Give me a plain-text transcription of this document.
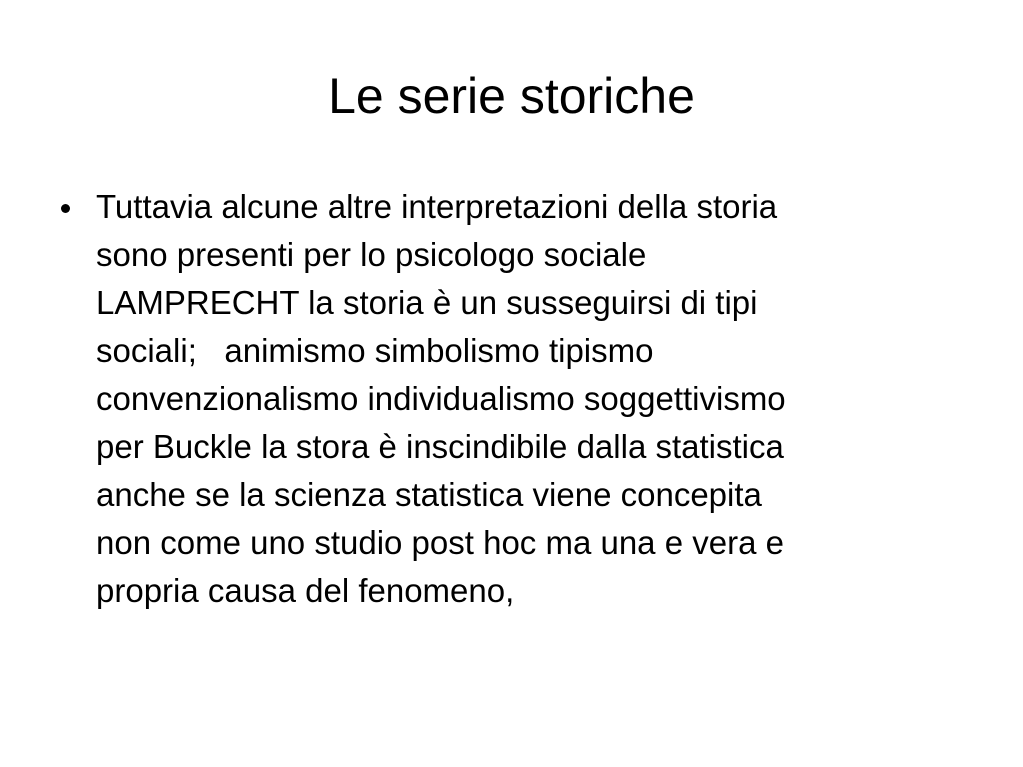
Le serie storiche
Tuttavia alcune altre interpretazioni della storia
sono presenti per lo psicologo sociale
LAMPRECHT la storia è un susseguirsi di tipi
sociali;   animismo simbolismo tipismo
convenzionalismo individualismo soggettivismo
per Buckle la stora è inscindibile dalla statistica
anche se la scienza statistica viene concepita
non come uno studio post hoc ma una e vera e
propria causa del fenomeno,
